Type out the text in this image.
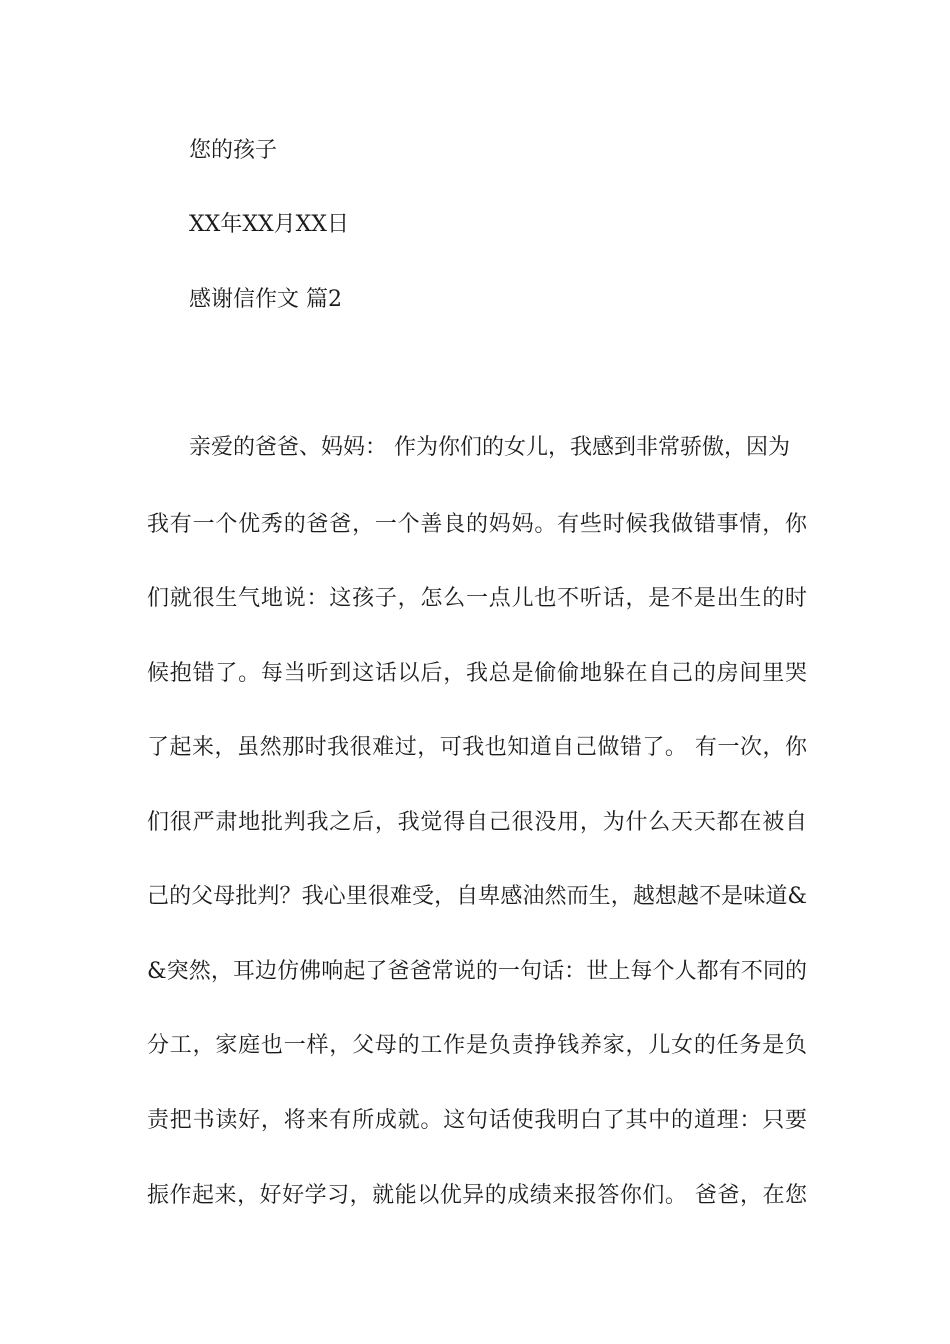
您的孩子
XX年XX月XX日
感谢信作文 篇2
亲爱的爸爸、妈妈： 作为你们的女儿，我感到非常骄傲，因为
我有一个优秀的爸爸，一个善良的妈妈。有些时候我做错事情，你
们就很生气地说：这孩子，怎么一点儿也不听话，是不是出生的时
候抱错了。每当听到这话以后，我总是偷偷地躲在自己的房间里哭
了起来，虽然那时我很难过，可我也知道自己做错了。 有一次，你
们很严肃地批判我之后，我觉得自己很没用，为什么天天都在被自
己的父母批判？我心里很难受，自卑感油然而生，越想越不是味道&
&突然，耳边仿佛响起了爸爸常说的一句话：世上每个人都有不同的
分工，家庭也一样，父母的工作是负责挣钱养家，儿女的任务是负
责把书读好，将来有所成就。这句话使我明白了其中的道理：只要
振作起来，好好学习，就能以优异的成绩来报答你们。 爸爸，在您
